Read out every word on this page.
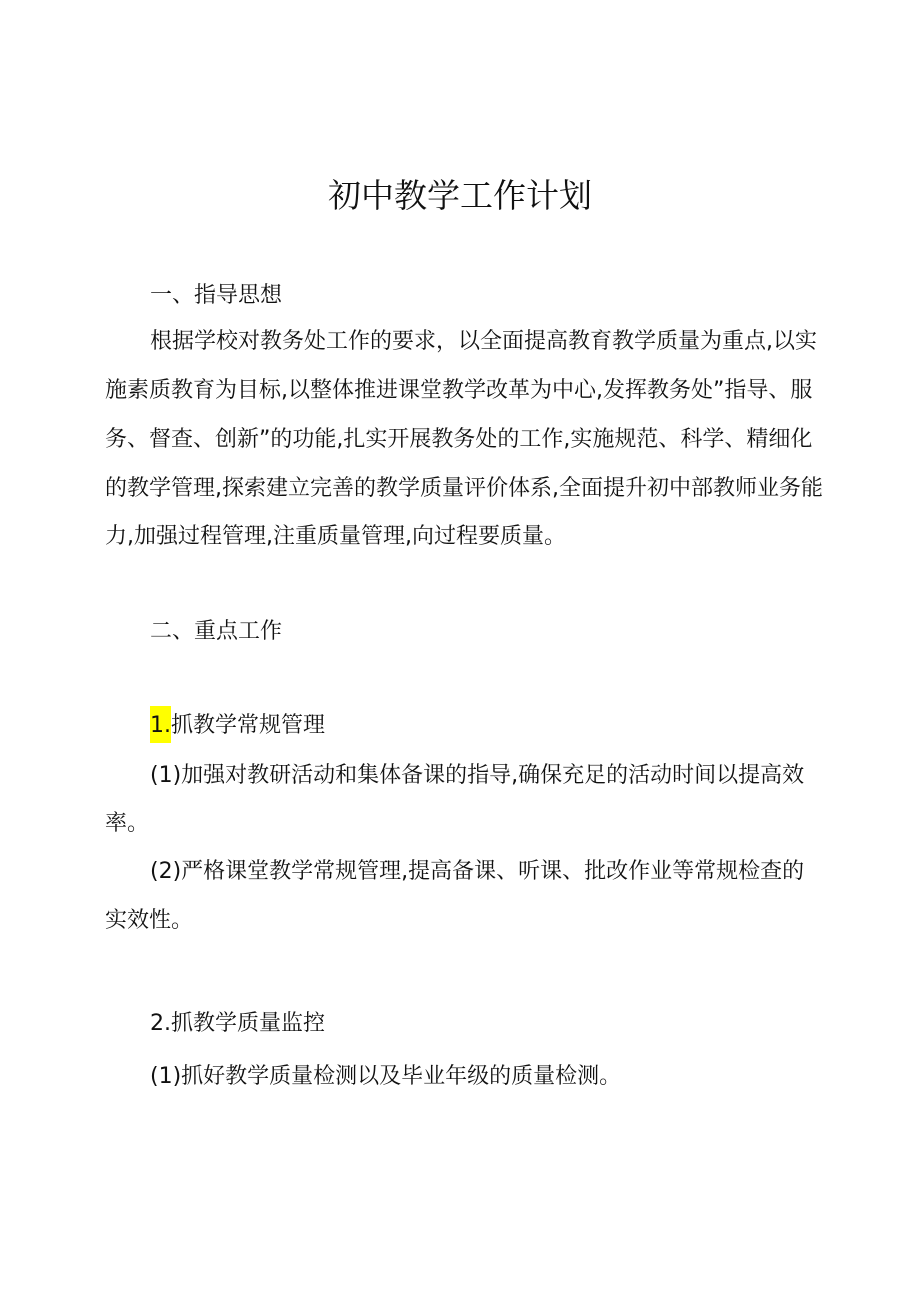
初中教学工作计划
一、指导思想
根据学校对教务处工作的要求，以全面提高教育教学质量为重点,以实
施素质教育为目标,以整体推进课堂教学改革为中心,发挥教务处”指导、服
务、督查、创新”的功能,扎实开展教务处的工作,实施规范、科学、精细化
的教学管理,探索建立完善的教学质量评价体系,全面提升初中部教师业务能
力,加强过程管理,注重质量管理,向过程要质量。
二、重点工作
1.抓教学常规管理
(1)加强对教研活动和集体备课的指导,确保充足的活动时间以提高效
率。
(2)严格课堂教学常规管理,提高备课、听课、批改作业等常规检查的
实效性。
2.抓教学质量监控
(1)抓好教学质量检测以及毕业年级的质量检测。
